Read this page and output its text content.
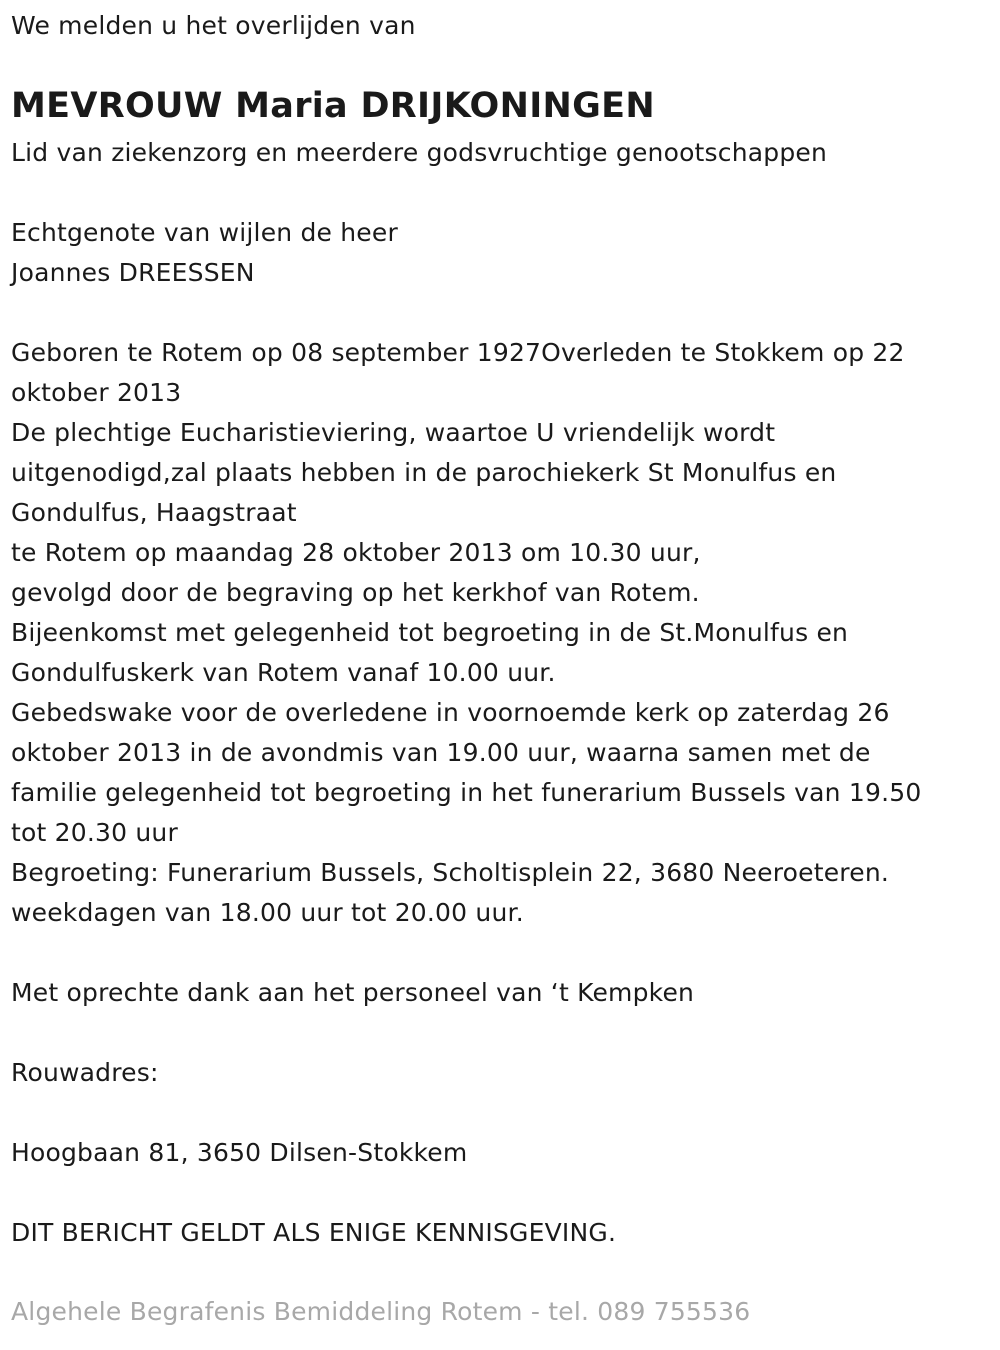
We melden u het overlijden van
MEVROUW Maria DRIJKONINGEN
Lid van ziekenzorg en meerdere godsvruchtige genootschappen
Echtgenote van wijlen de heer
Joannes DREESSEN
Geboren te Rotem op 08 september 1927Overleden te Stokkem op 22
oktober 2013
De plechtige Eucharistieviering, waartoe U vriendelijk wordt
uitgenodigd,zal plaats hebben in de parochiekerk St Monulfus en
Gondulfus, Haagstraat
te Rotem op maandag 28 oktober 2013 om 10.30 uur,
gevolgd door de begraving op het kerkhof van Rotem.
Bijeenkomst met gelegenheid tot begroeting in de St.Monulfus en
Gondulfuskerk van Rotem vanaf 10.00 uur.
Gebedswake voor de overledene in voornoemde kerk op zaterdag 26
oktober 2013 in de avondmis van 19.00 uur, waarna samen met de
familie gelegenheid tot begroeting in het funerarium Bussels van 19.50
tot 20.30 uur
Begroeting: Funerarium Bussels, Scholtisplein 22, 3680 Neeroeteren.
weekdagen van 18.00 uur tot 20.00 uur.
Met oprechte dank aan het personeel van ‘t Kempken
Rouwadres:
Hoogbaan 81, 3650 Dilsen-Stokkem
DIT BERICHT GELDT ALS ENIGE KENNISGEVING.
Algehele Begrafenis Bemiddeling Rotem - tel. 089 755536
